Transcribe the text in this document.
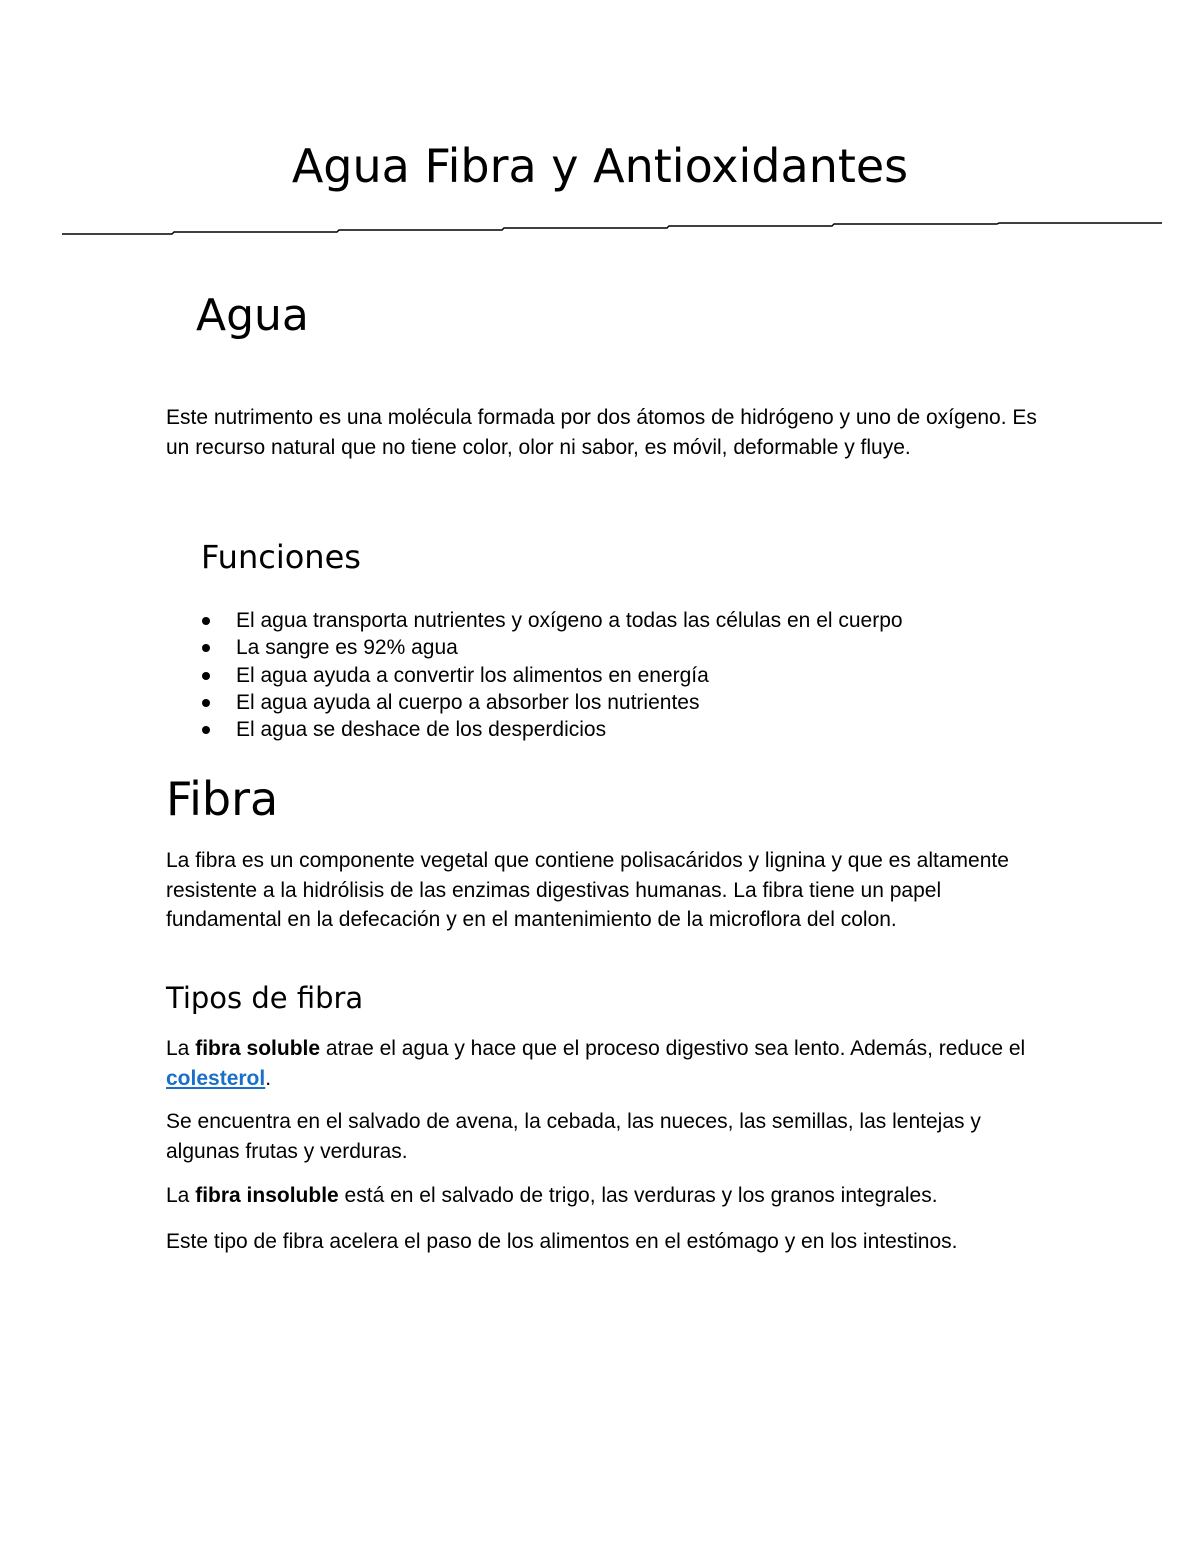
Agua Fibra y Antioxidantes
Agua

Este nutrimento es una molécula formada por dos átomos de hidrógeno y uno de oxígeno. Es un recurso natural que no tiene color, olor ni sabor, es móvil, deformable y fluye.

Funciones
El agua transporta nutrientes y oxígeno a todas las células en el cuerpo
La sangre es 92% agua
El agua ayuda a convertir los alimentos en energía
El agua ayuda al cuerpo a absorber los nutrientes
El agua se deshace de los desperdicios
Fibra

La fibra es un componente vegetal que contiene polisacáridos y lignina y que es altamente resistente a la hidrólisis de las enzimas digestivas humanas. La fibra tiene un papel fundamental en la defecación y en el mantenimiento de la microflora del colon.

Tipos de fibra

La fibra soluble atrae el agua y hace que el proceso digestivo sea lento. Además, reduce el colesterol.

Se encuentra en el salvado de avena, la cebada, las nueces, las semillas, las lentejas y algunas frutas y verduras.

La fibra insoluble está en el salvado de trigo, las verduras y los granos integrales.

Este tipo de fibra acelera el paso de los alimentos en el estómago y en los intestinos.
